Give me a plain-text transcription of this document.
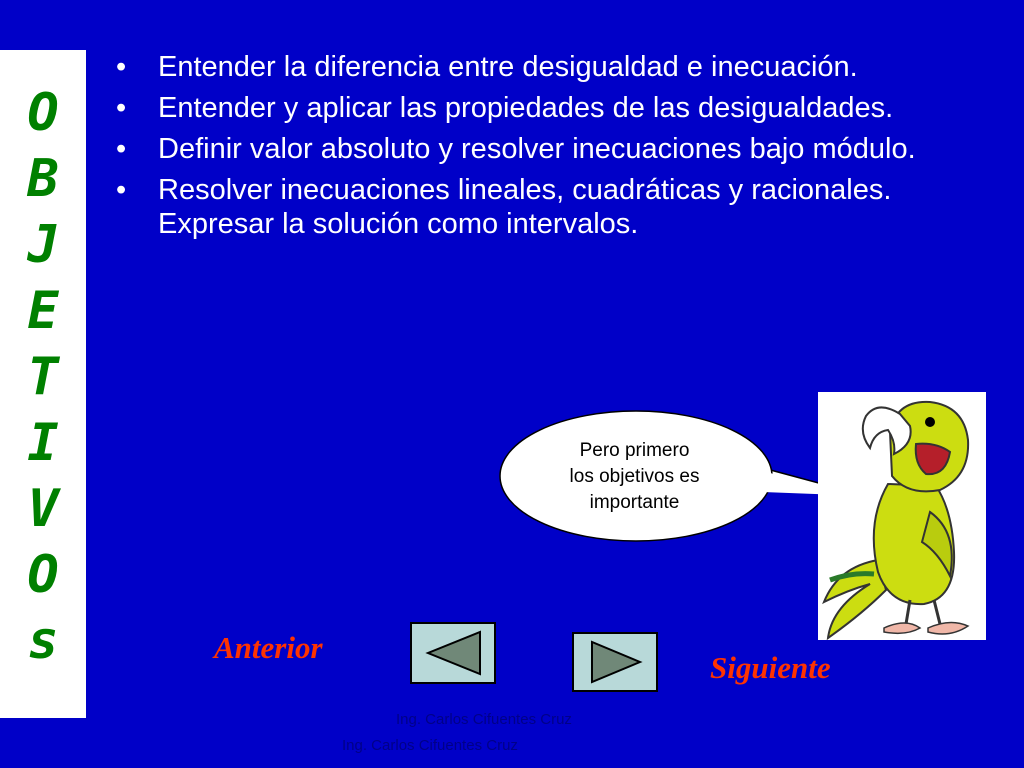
O
B
J
E
T
I
V
O
s
• Entender la diferencia entre desigualdad e inecuación.
• Entender y aplicar las propiedades de las desigualdades.
• Definir valor absoluto y resolver inecuaciones bajo módulo.
• Resolver inecuaciones lineales, cuadráticas y racionales. Expresar la solución como intervalos.
Pero primero
los objetivos es
importante
Anterior
Siguiente
Ing. Carlos Cifuentes Cruz
Ing. Carlos Cifuentes Cruz
